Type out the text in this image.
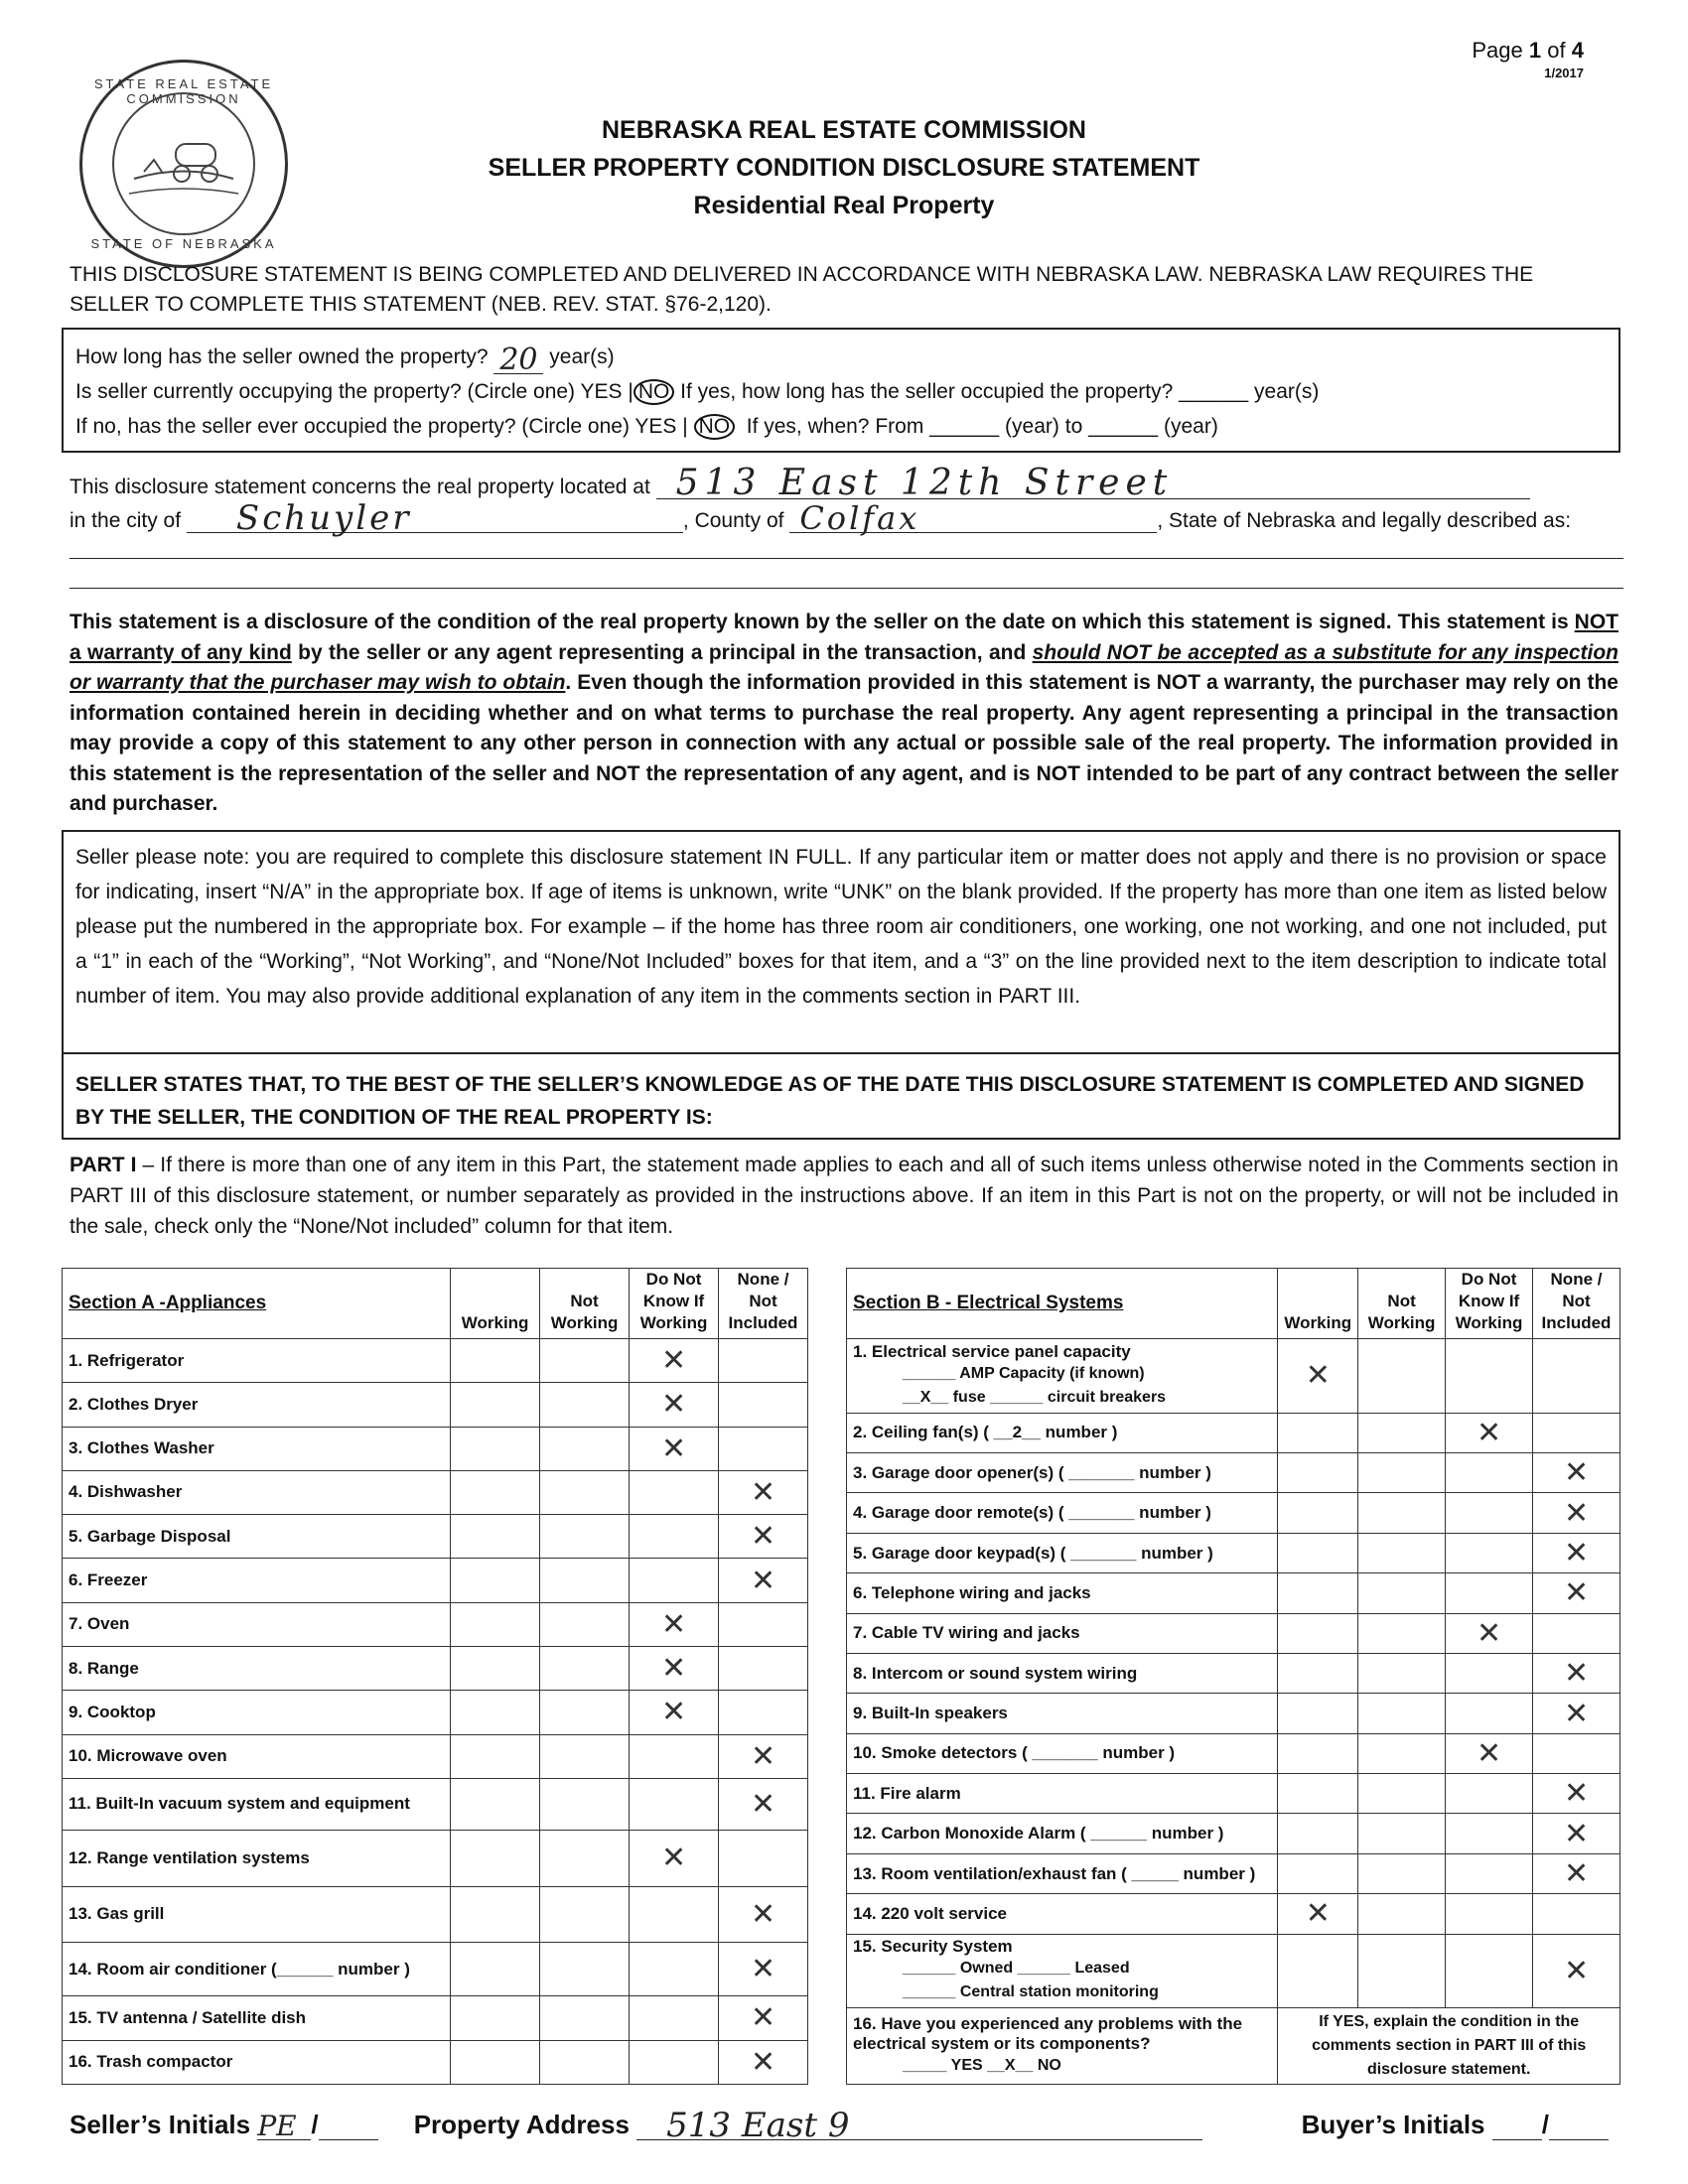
STATE REAL ESTATE COMMISSION
STATE OF NEBRASKA
Page 1 of 4
1/2017
NEBRASKA REAL ESTATE COMMISSION
SELLER PROPERTY CONDITION DISCLOSURE STATEMENT
Residential Real Property
THIS DISCLOSURE STATEMENT IS BEING COMPLETED AND DELIVERED IN ACCORDANCE WITH NEBRASKA LAW. NEBRASKA LAW REQUIRES THE SELLER TO COMPLETE THIS STATEMENT (NEB. REV. STAT. §76-2,120).
How long has the seller owned the property? 20 year(s)
Is seller currently occupying the property? (Circle one) YES | NO If yes, how long has the seller occupied the property? ______ year(s)
If no, has the seller ever occupied the property? (Circle one) YES | NO If yes, when? From ______ (year) to ______ (year)
This disclosure statement concerns the real property located at 513 East 12th Street
in the city of Schuyler	, County of Colfax	, State of Nebraska and legally described as:
This statement is a disclosure of the condition of the real property known by the seller on the date on which this statement is signed. This statement is NOT a warranty of any kind by the seller or any agent representing a principal in the transaction, and should NOT be accepted as a substitute for any inspection or warranty that the purchaser may wish to obtain. Even though the information provided in this statement is NOT a warranty, the purchaser may rely on the information contained herein in deciding whether and on what terms to purchase the real property. Any agent representing a principal in the transaction may provide a copy of this statement to any other person in connection with any actual or possible sale of the real property. The information provided in this statement is the representation of the seller and NOT the representation of any agent, and is NOT intended to be part of any contract between the seller and purchaser.
Seller please note: you are required to complete this disclosure statement IN FULL. If any particular item or matter does not apply and there is no provision or space for indicating, insert “N/A” in the appropriate box. If age of items is unknown, write “UNK” on the blank provided. If the property has more than one item as listed below please put the numbered in the appropriate box. For example – if the home has three room air conditioners, one working, one not working, and one not included, put a “1” in each of the “Working”, “Not Working”, and “None/Not Included” boxes for that item, and a “3” on the line provided next to the item description to indicate total number of item. You may also provide additional explanation of any item in the comments section in PART III.
SELLER STATES THAT, TO THE BEST OF THE SELLER’S KNOWLEDGE AS OF THE DATE THIS DISCLOSURE STATEMENT IS COMPLETED AND SIGNED BY THE SELLER, THE CONDITION OF THE REAL PROPERTY IS:
PART I – If there is more than one of any item in this Part, the statement made applies to each and all of such items unless otherwise noted in the Comments section in PART III of this disclosure statement, or number separately as provided in the instructions above. If an item in this Part is not on the property, or will not be included in the sale, check only the “None/Not included” column for that item.
Section A -Appliances	Working	Not Working	Do Not Know If Working	None / Not Included

1. Refrigerator			✕	

2. Clothes Dryer			✕	

3. Clothes Washer			✕	

4. Dishwasher				✕

5. Garbage Disposal				✕

6. Freezer				✕

7. Oven			✕	

8. Range			✕	

9. Cooktop			✕	

10. Microwave oven				✕

11. Built-In vacuum system and equipment				✕

12. Range ventilation systems			✕	

13. Gas grill				✕

14. Room air conditioner (______ number )				✕

15. TV antenna / Satellite dish				✕

16. Trash compactor				✕
Section B - Electrical Systems	Working	Not Working	Do Not Know If Working	None / Not Included

1. Electrical service panel capacity
______ AMP Capacity (if known)
__X__ fuse ______ circuit breakers	✕			

2. Ceiling fan(s) ( __2__ number )			✕	

3. Garage door opener(s) ( _______ number )				✕

4. Garage door remote(s) ( _______ number )				✕

5. Garage door keypad(s) ( _______ number )				✕

6. Telephone wiring and jacks				✕

7. Cable TV wiring and jacks			✕	

8. Intercom or sound system wiring				✕

9. Built-In speakers				✕

10. Smoke detectors ( _______ number )			✕	

11. Fire alarm				✕

12. Carbon Monoxide Alarm ( ______ number )				✕

13. Room ventilation/exhaust fan ( _____ number )				✕

14. 220 volt service	✕			

15. Security System
______ Owned ______ Leased
______ Central station monitoring				✕

16. Have you experienced any problems with the electrical system or its components?
_____ YES __X__ NO	If YES, explain the condition in the comments section in PART III of this disclosure statement.			
Seller’s Initials PE /	Property Address 513 East 9	Buyer’s Initials /
